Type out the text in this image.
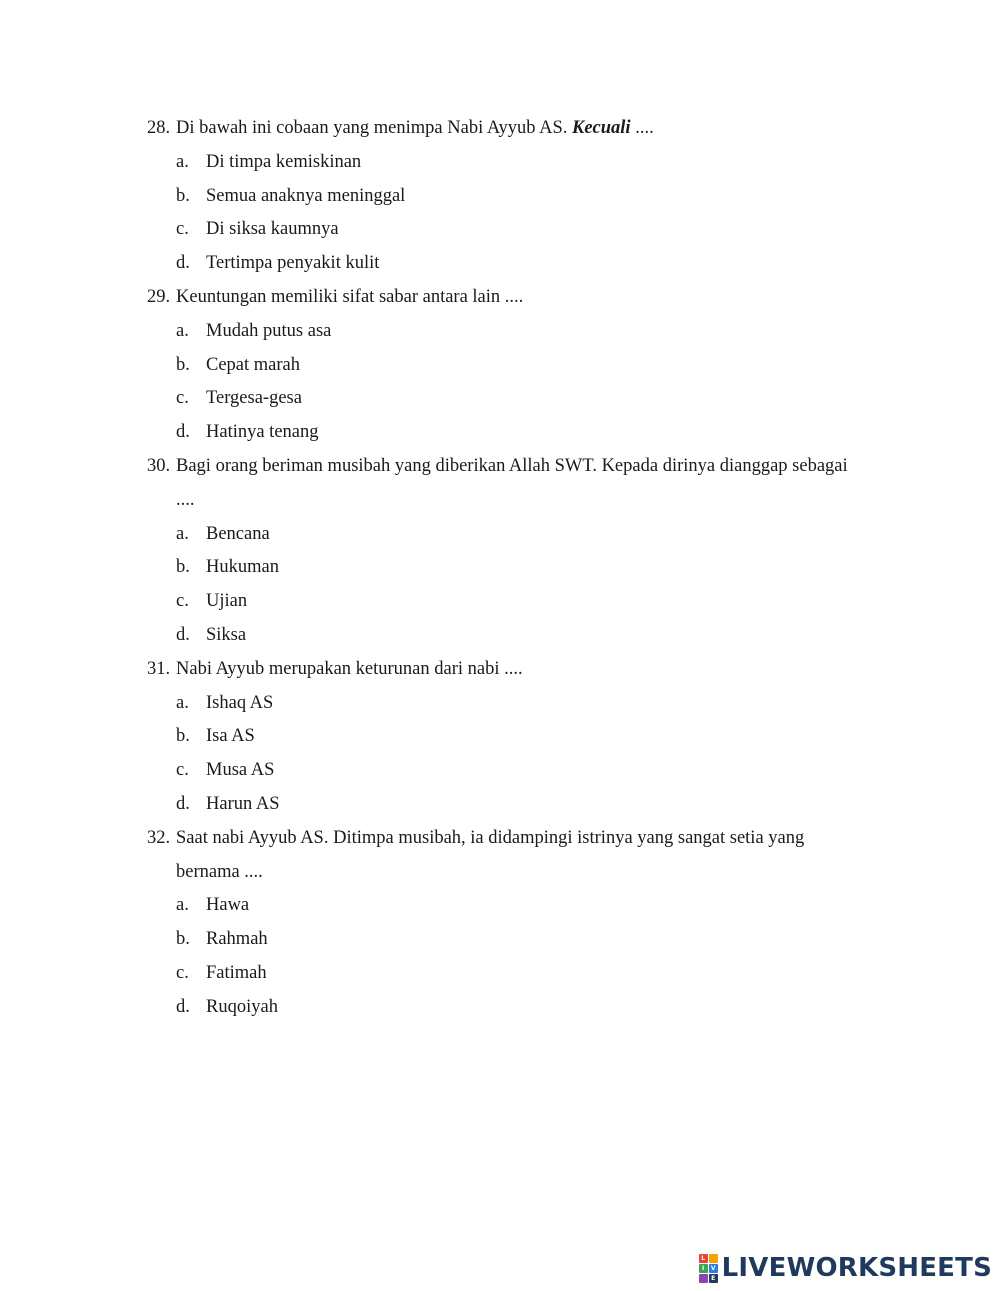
28. Di bawah ini cobaan yang menimpa Nabi Ayyub AS. Kecuali ....
a. Di timpa kemiskinan
b. Semua anaknya meninggal
c. Di siksa kaumnya
d. Tertimpa penyakit kulit
29. Keuntungan memiliki sifat sabar antara lain ....
a. Mudah putus asa
b. Cepat marah
c. Tergesa-gesa
d. Hatinya tenang
30. Bagi orang beriman musibah yang diberikan Allah SWT. Kepada dirinya dianggap sebagai ....
a. Bencana
b. Hukuman
c. Ujian
d. Siksa
31. Nabi Ayyub merupakan keturunan dari nabi ....
a. Ishaq AS
b. Isa AS
c. Musa AS
d. Harun AS
32. Saat nabi Ayyub AS. Ditimpa musibah, ia didampingi istrinya yang sangat setia yang bernama ....
a. Hawa
b. Rahmah
c. Fatimah
d. Ruqoiyah
L
I	V
E LIVEWORKSHEETS
